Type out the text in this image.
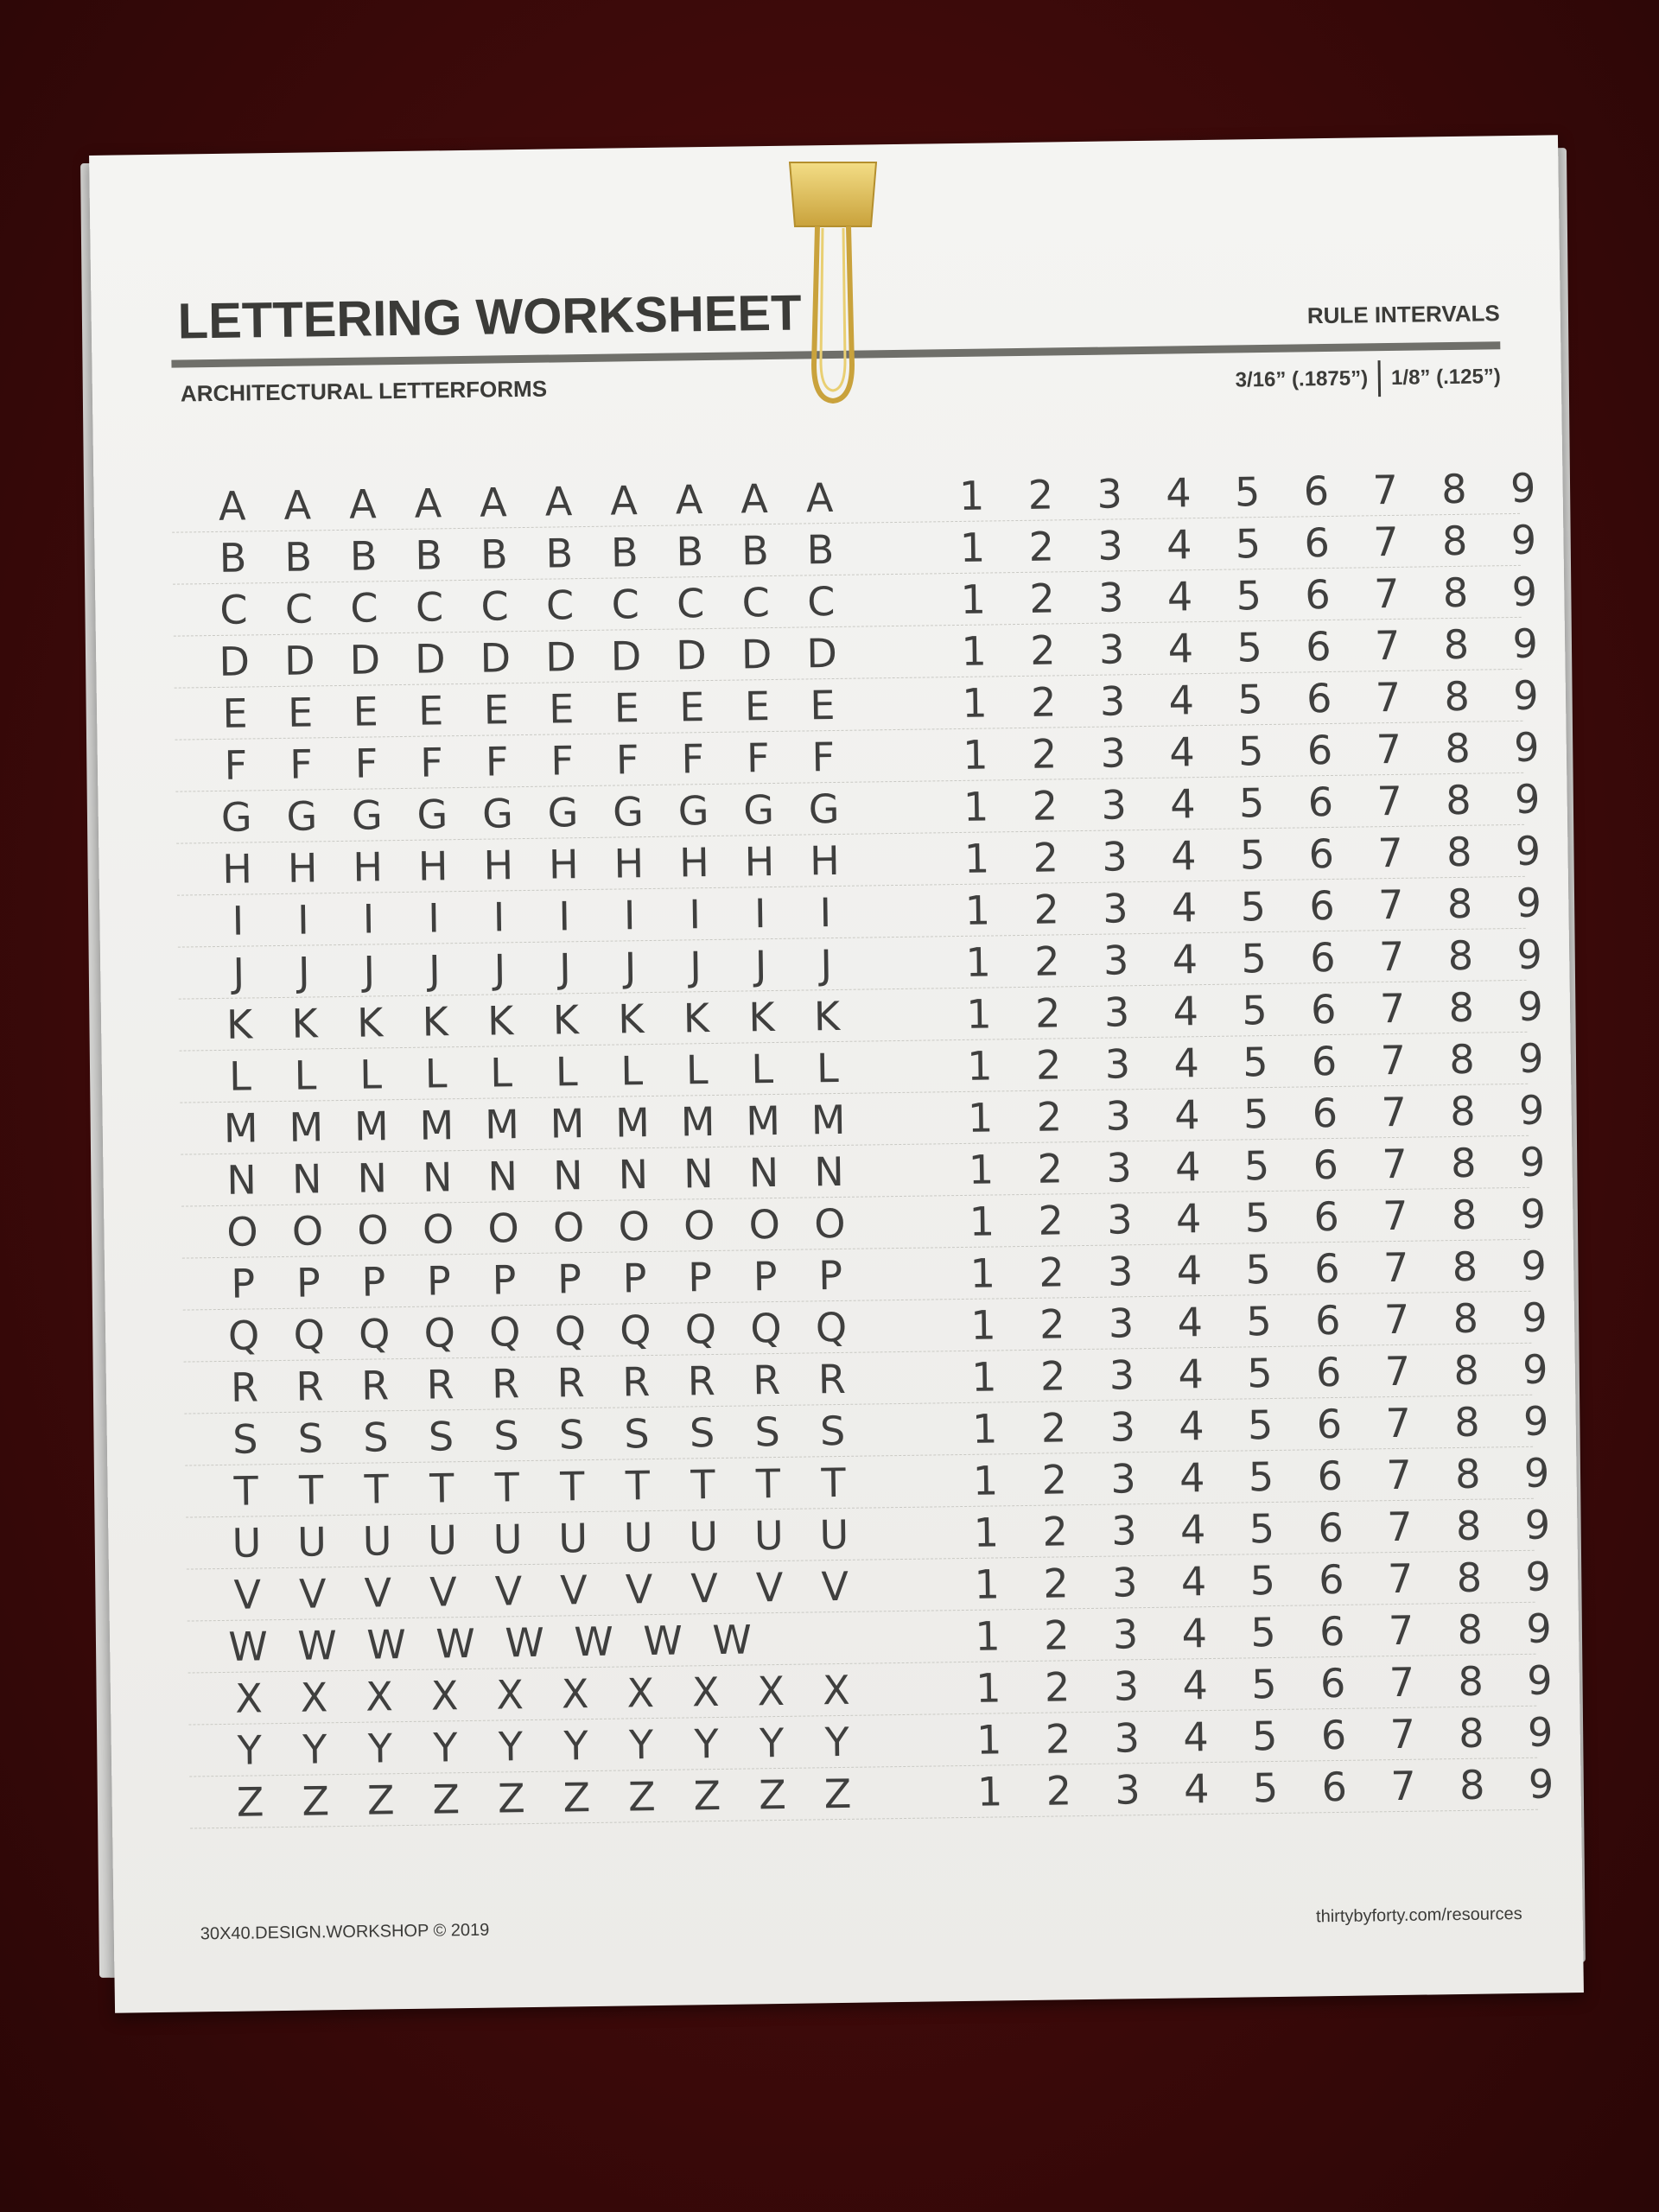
LETTERING WORKSHEET	RULE INTERVALS
ARCHITECTURAL LETTERFORMS	3/16” (.1875”) 1/8” (.125”)
A A A A A A A A A A	1 2 3 4 5 6 7 8 9
B B B B B B B B B B	1 2 3 4 5 6 7 8 9
C C C C C C C C C C	1 2 3 4 5 6 7 8 9
D D D D D D D D D D	1 2 3 4 5 6 7 8 9
E E E E E E E E E E	1 2 3 4 5 6 7 8 9
F	F	F	F	F	F	F	F	F	F	1 2 3 4 5 6 7 8 9
G G G G G G G G G G	1 2 3 4 5 6 7 8 9
H H H H H H H H H H	1 2 3 4 5 6 7 8 9
I	I	I	I	I	I	I	I	I	I	1 2 3 4 5 6 7 8 9
J	J	J	J	J	J	J	J	J	J	1 2 3 4 5 6 7 8 9
K K K K K K K K K K	1 2 3 4 5 6 7 8 9
L	L	L	L	L	L	L	L	L	L	1 2 3 4 5 6 7 8 9
M M M M M M M M M M	1 2 3 4 5 6 7 8 9
N N N N N N N N N N	1 2 3 4 5 6 7 8 9
O O O O O O O O O O	1 2 3 4 5 6 7 8 9
P	P	P	P	P	P	P	P	P	P	1 2 3 4 5 6 7 8 9
Q Q Q Q Q Q Q Q Q Q	1 2 3 4 5 6 7 8 9
R R R R R R R R R R	1 2 3 4 5 6 7 8 9
S S S S S S S S S S	1 2 3 4 5 6 7 8 9
T	T	T	T	T	T	T	T	T	T	1 2 3 4 5 6 7 8 9
U U U U U U U U U U	1 2 3 4 5 6 7 8 9
V V V V V V V V V V	1 2 3 4 5 6 7 8 9
W W W W W W W W	1 2 3 4 5 6 7 8 9
X X X X X X X X X X	1 2 3 4 5 6 7 8 9
Y	Y	Y	Y	Y	Y	Y	Y	Y	Y	1 2 3 4 5 6 7 8 9
Z Z Z Z Z Z Z Z Z Z	1 2 3 4 5 6 7 8 9
30X40.DESIGN.WORKSHOP © 2019
thirtybyforty.com/resources
